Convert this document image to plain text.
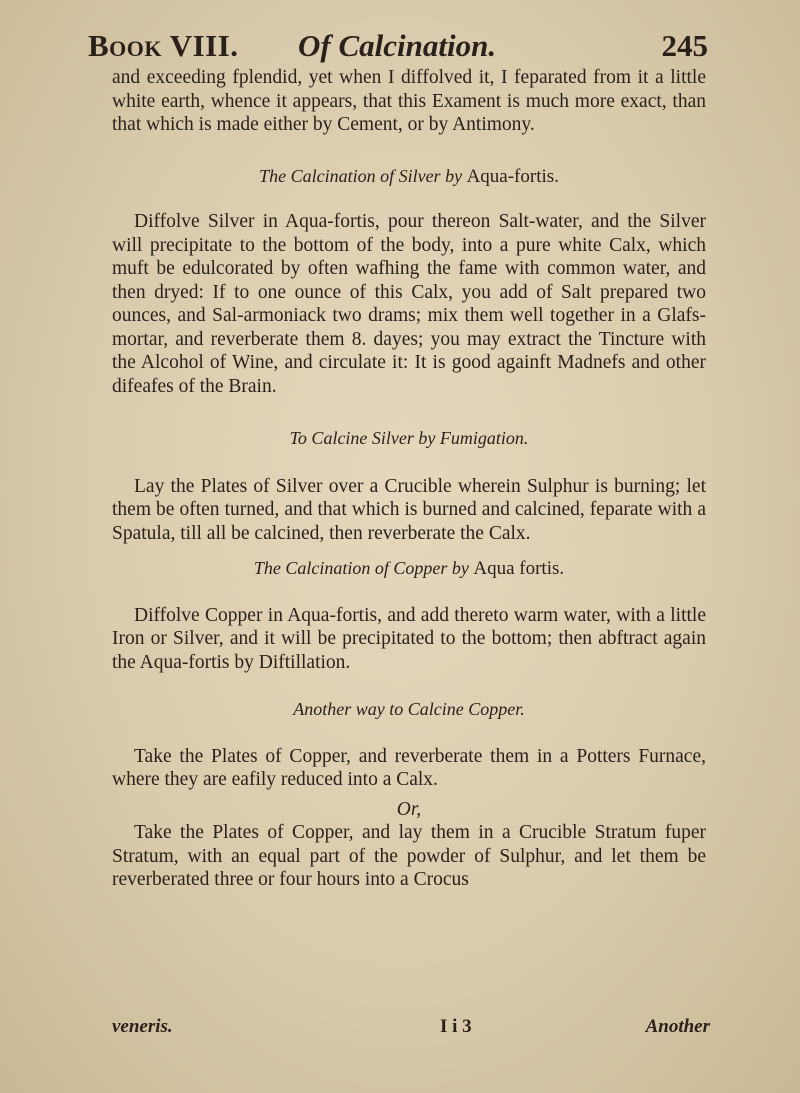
Book VIII. Of Calcination.	245

and exceeding fplendid, yet when I diffolved it, I feparated from it a little white earth, whence it appears, that this Exament is much more exact, than that which is made either by Cement, or by Antimony.

The Calcination of Silver by Aqua-fortis.

Diffolve Silver in Aqua-fortis, pour thereon Salt-water, and the Silver will precipitate to the bottom of the body, into a pure white Calx, which muft be edulcorated by often wafhing the fame with common water, and then dryed: If to one ounce of this Calx, you add of Salt prepared two ounces, and Sal-armoniack two drams; mix them well together in a Glafs-mortar, and reverberate them 8. dayes; you may extract the Tincture with the Alcohol of Wine, and circulate it: It is good againft Madnefs and other difeafes of the Brain.

To Calcine Silver by Fumigation.

Lay the Plates of Silver over a Crucible wherein Sulphur is burning; let them be often turned, and that which is burned and calcined, feparate with a Spatula, till all be calcined, then reverberate the Calx.

The Calcination of Copper by Aqua fortis.

Diffolve Copper in Aqua-fortis, and add thereto warm water, with a little Iron or Silver, and it will be precipitated to the bottom; then abftract again the Aqua-fortis by Diftillation.

Another way to Calcine Copper.

Take the Plates of Copper, and reverberate them in a Potters Furnace, where they are eafily reduced into a Calx.

Or,

Take the Plates of Copper, and lay them in a Crucible Stratum fuper Stratum, with an equal part of the powder of Sulphur, and let them be reverberated three or four hours into a Crocus

veneris.	I i 3	Another
